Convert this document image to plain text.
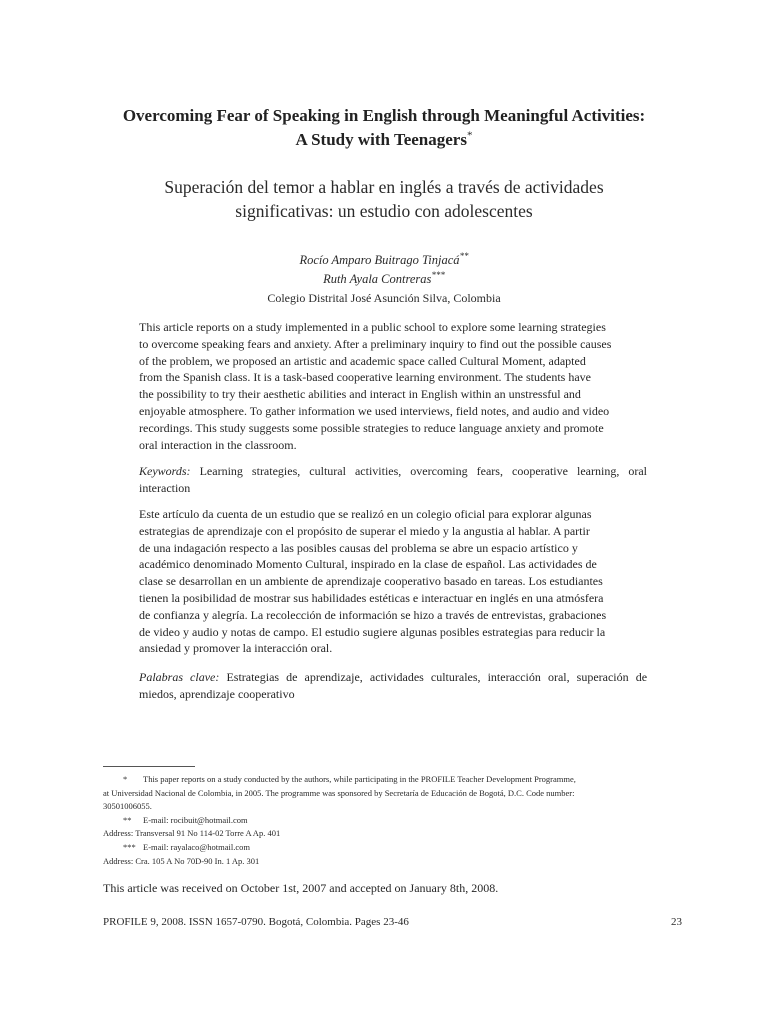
Overcoming Fear of Speaking in English through Meaningful Activities:
A Study with Teenagers*
Superación del temor a hablar en inglés a través de actividades
significativas: un estudio con adolescentes
Rocío Amparo Buitrago Tinjacá**
Ruth Ayala Contreras***
Colegio Distrital José Asunción Silva, Colombia
This article reports on a study implemented in a public school to explore some learning strategies
to overcome speaking fears and anxiety. After a preliminary inquiry to find out the possible causes
of the problem, we proposed an artistic and academic space called Cultural Moment, adapted
from the Spanish class. It is a task-based cooperative learning environment. The students have
the possibility to try their aesthetic abilities and interact in English within an unstressful and
enjoyable atmosphere. To gather information we used interviews, field notes, and audio and video
recordings. This study suggests some possible strategies to reduce language anxiety and promote
oral interaction in the classroom.
Keywords: Learning strategies, cultural activities, overcoming fears, cooperative learning, oral interaction
Este artículo da cuenta de un estudio que se realizó en un colegio oficial para explorar algunas
estrategias de aprendizaje con el propósito de superar el miedo y la angustia al hablar. A partir
de una indagación respecto a las posibles causas del problema se abre un espacio artístico y
académico denominado Momento Cultural, inspirado en la clase de español. Las actividades de
clase se desarrollan en un ambiente de aprendizaje cooperativo basado en tareas. Los estudiantes
tienen la posibilidad de mostrar sus habilidades estéticas e interactuar en inglés en una atmósfera
de confianza y alegría. La recolección de información se hizo a través de entrevistas, grabaciones
de video y audio y notas de campo. El estudio sugiere algunas posibles estrategias para reducir la
ansiedad y promover la interacción oral.
Palabras clave: Estrategias de aprendizaje, actividades culturales, interacción oral, superación de miedos, aprendizaje cooperativo
* This paper reports on a study conducted by the authors, while participating in the PROFILE Teacher Development Programme,
at Universidad Nacional de Colombia, in 2005. The programme was sponsored by Secretaría de Educación de Bogotá, D.C. Code number:
30501006055.
** E-mail: rocibuit@hotmail.com
Address: Transversal 91 No 114-02 Torre A Ap. 401
*** E-mail: rayalaco@hotmail.com
Address: Cra. 105 A No 70D-90 In. 1 Ap. 301
This article was received on October 1st, 2007 and accepted on January 8th, 2008.
PROFILE 9, 2008. ISSN 1657-0790. Bogotá, Colombia. Pages 23-46	23
